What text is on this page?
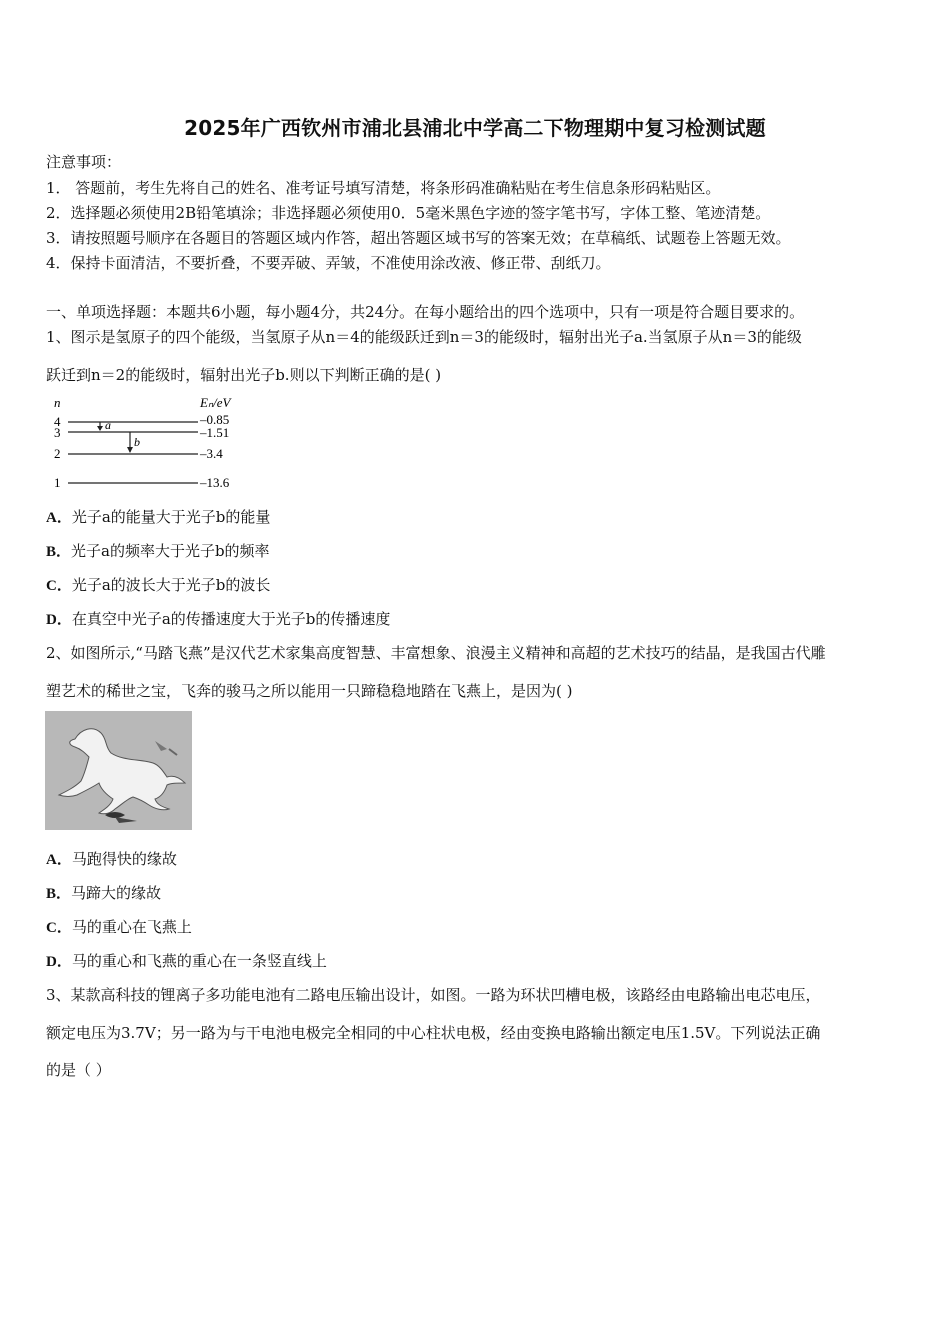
2025年广西钦州市浦北县浦北中学高二下物理期中复习检测试题
注意事项：
1． 答题前，考生先将自己的姓名、准考证号填写清楚，将条形码准确粘贴在考生信息条形码粘贴区。
2．选择题必须使用2B铅笔填涂；非选择题必须使用0．5毫米黑色字迹的签字笔书写，字体工整、笔迹清楚。
3．请按照题号顺序在各题目的答题区域内作答，超出答题区域书写的答案无效；在草稿纸、试题卷上答题无效。
4．保持卡面清洁，不要折叠，不要弄破、弄皱，不准使用涂改液、修正带、刮纸刀。
一、单项选择题：本题共6小题，每小题4分，共24分。在每小题给出的四个选项中，只有一项是符合题目要求的。
1、图示是氢原子的四个能级，当氢原子从n＝4的能级跃迁到n＝3的能级时，辐射出光子a.当氢原子从n＝3的能级
跃迁到n＝2的能级时，辐射出光子b.则以下判断正确的是( )
n	Eₙ/eV
4
3
2
1
–0.85
–1.51
–3.4
–13.6
a
b
A．光子a的能量大于光子b的能量
B．光子a的频率大于光子b的频率
C．光子a的波长大于光子b的波长
D．在真空中光子a的传播速度大于光子b的传播速度
2、如图所示,“马踏飞燕”是汉代艺术家集高度智慧、丰富想象、浪漫主义精神和高超的艺术技巧的结晶，是我国古代雕
塑艺术的稀世之宝，飞奔的骏马之所以能用一只蹄稳稳地踏在飞燕上，是因为( )
A．马跑得快的缘故
B．马蹄大的缘故
C．马的重心在飞燕上
D．马的重心和飞燕的重心在一条竖直线上
3、某款高科技的锂离子多功能电池有二路电压输出设计，如图。一路为环状凹槽电极，该路经由电路输出电芯电压，
额定电压为3.7V；另一路为与干电池电极完全相同的中心柱状电极，经由变换电路输出额定电压1.5V。下列说法正确
的是（ ）
